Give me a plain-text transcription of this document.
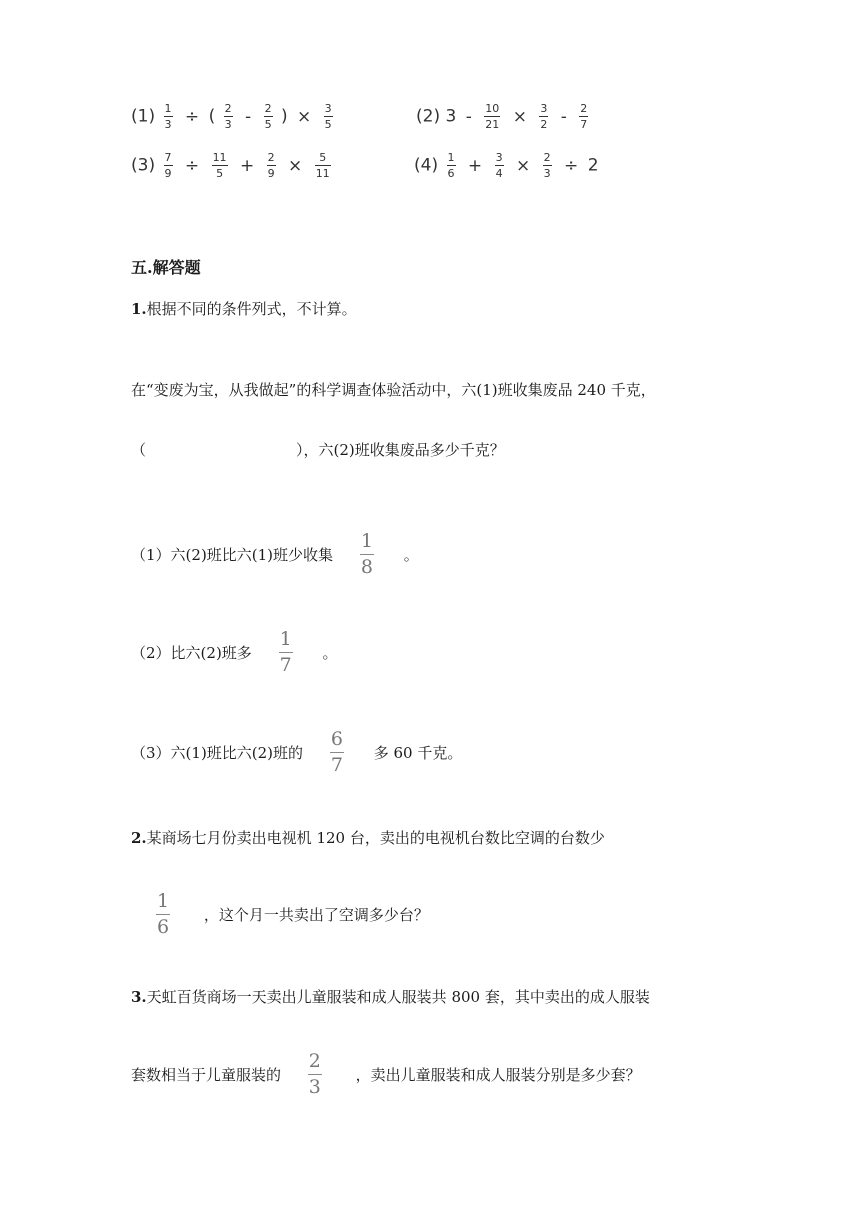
$(1) \frac{1}{3}$ ÷ ( $\frac{2}{3} - \frac{2}{5}$ ) × $\frac{3}{5}$	(2) $3 - \frac{10}{21} \times \frac{3}{2} - \frac{2}{7}$
$(3) \frac{7}{9} \div \frac{11}{5} + \frac{2}{9} \times \frac{5}{11}$	$(4) \frac{1}{6} + \frac{3}{4} \times \frac{2}{3} \div 2$
五.解答题
1.根据不同的条件列式，不计算。
在“变废为宝，从我做起”的科学调查体验活动中，六(1)班收集废品 240 千克，
（	），六(2)班收集废品多少千克？
（1）六(2)班比六(1)班少收集 $\frac{1}{8}$ 。
（2）比六(2)班多 $\frac{1}{7}$ 。
（3）六(1)班比六(2)班的 $\frac{6}{7}$ 多 60 千克。
2.某商场七月份卖出电视机 120 台，卖出的电视机台数比空调的台数少
$\frac{1}{6}$ ，这个月一共卖出了空调多少台？
3.天虹百货商场一天卖出儿童服装和成人服装共 800 套，其中卖出的成人服装
套数相当于儿童服装的 $\frac{2}{3}$ ，卖出儿童服装和成人服装分别是多少套？
